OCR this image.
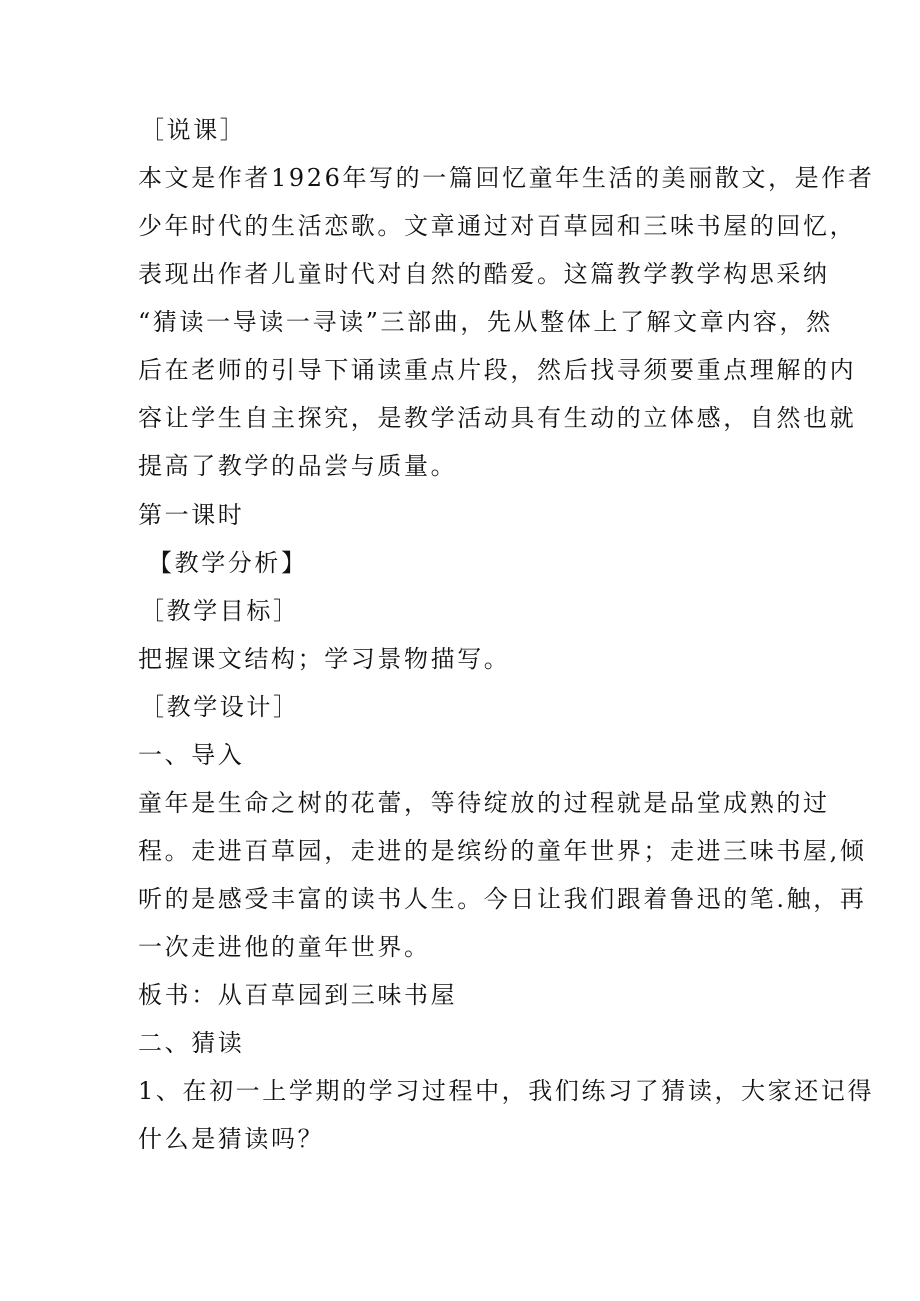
［说课］
本文是作者1926年写的一篇回忆童年生活的美丽散文，是作者
少年时代的生活恋歌。文章通过对百草园和三味书屋的回忆，
表现出作者儿童时代对自然的酷爱。这篇教学教学构思采纳
“猜读一导读一寻读”三部曲，先从整体上了解文章内容，然
后在老师的引导下诵读重点片段，然后找寻须要重点理解的内
容让学生自主探究，是教学活动具有生动的立体感，自然也就
提高了教学的品尝与质量。
第一课时
【教学分析】
［教学目标］
把握课文结构；学习景物描写。
［教学设计］
一、导入
童年是生命之树的花蕾，等待绽放的过程就是品堂成熟的过
程。走进百草园，走进的是缤纷的童年世界；走进三味书屋,倾
听的是感受丰富的读书人生。今日让我们跟着鲁迅的笔.触，再
一次走进他的童年世界。
板书：从百草园到三味书屋
二、猜读
1、在初一上学期的学习过程中，我们练习了猜读，大家还记得
什么是猜读吗？
